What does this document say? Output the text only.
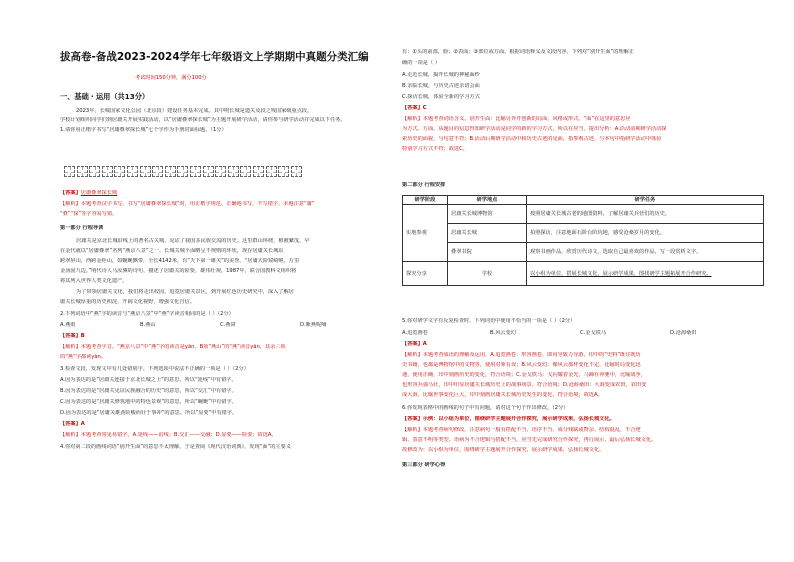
拔高卷-备战2023-2024学年七年级语文上学期期中真题分类汇编
考试时间150分钟，满分100分
一、基础・运用（共13分）
2023年，长城国家文化公园（北京段）建设任务基本完成。其中明长城是遗关及段之残国家级重点段。
学校计划组织同学们到居庸关开展实践活动，以“居庸叠翠探长城”为主题开展研学活动，请你参与研学活动并完成以下任务。
1.请你用正楷字书写“居庸叠翠探长城”七个字作为手册封面标题。（1分）
【答案】居庸叠翠探长城
【解析】本题考查汉字书写。书写“居庸叠翠探长城”时，用正楷字规范、正确地书写，不写错字。本题注意“庸”
“叠”“探”等字容易写错。
第一部分 行程导读
居庸关是京北长城沿线上的著名古关城，见证了我国多民族交流的历史。这里群山环绕，植被繁茂，早
在金代就以“居庸叠翠”名列“燕京八景”之一。长城关城平面略呈不规则的环状，现存居庸关长城东
跨翠屏山，西跨金柜山，如蜿蜒飘带，全长4142米，有“天下第一雄关”的美誉。“居庸天险窥崎岖，万里
金汤固九边。”明代诗人马汝骥的诗句，描述了居庸关的险要，雄伟壮观。1987年，联合国教科文组织将
将其列入世界人类文化遗产。
为了带领居庸关文化，我们将走出校园，追览居庸关景区，到开展红色历史研究中，深入了解居
庸关长城厚重的历史积淀，开阔文化视野，增强文化自信。
2.下列词语中“燕”字的读音与“燕京八景”中“燕”字读音相同的是（ ）（2分）
A.燕雨	B.燕山	C.燕窝	D.紫燕呢喃
【答案】B
【解析】本题考查字音。“燕京八景”中“燕”字的读音是yān，B项“燕山”的“燕”读音yān，其余三项
的“燕”字都读yàn。
3.检查文段，发现文中有几处错别字。下列选项中说法不正确的一项是（ ）（2分）
A.因为表达的是“居庸关连接于京北长城之上”的意思，所以“延线”中有错字。
B.因为表达的是“居庸关见证民族融合的历史”的意思，所以“交汇”中有错字。
C.因为表达的是“居庸关修筑地中的特色景观”的意思，所以“蜿蜒”中有错字。
D.因为表达的是“居庸关雄劲险峻而壮于事冲”的意思，所以“显要”中有错字。
【答案】A
【解析】本题考查常见易错字。A.延线——沿线；B.交汇——交融；D.显要——险要；故选A。
4.你对第二段的画线词语“别开生面”的意思不太理解，于是查阅《现代汉语词典》，发现“面”的主要义
有：①头的前部，脸；②表面；③部位或方面。根据词语释义及文段内容，下列对“别开生面”的理解正
确的一项是（ ）
A.走近长城，揭开长城的神秘面纱
B.亲临长城，与历史古迹亲切会面
C.探访长城，体验全新的学习方式
【答案】C
【解析】本题考查词语含义。别开生面：比喻另外开创新的局面、风格或形式。“面”在这里的意思应
为方式、方面。从题目的信息得知研学活动是同学的新的学习方式，所以在应当。提出分析：A.活动前期研学活动探
索历史的面貌，与句意不符；B.活动后期研学活动中和历史古迹的见面，指参观古迹，与本句中指研学活动中体验
特别学习方式不符；故选C。
第二部分 行程安排
研学阶段	研学地点	研学任务
实地参观	居庸关长城博物馆	按照居庸关长城古老的地图资料，了解居庸关兵营们的历史。
	居庸关长城	拍照探访，注意地面石阶台阶坑地，感受沧桑岁月的变化。
	叠翠书院	观察书画作品，欣赏历代诗文，选取自己最喜欢的作品，写一段赏析文字。
探究分享	学校	以小组为单位，搭展长城文化，展示研学成果，图找研学主题拓展开合作研究。
5.你对研学文字有反复检查时，下列词语中使用不恰当的一项是（ ）（2分）
A.追览画卷	B.风云变幻	C.金戈铁马	D.沧海桑田
【答案】A
【解析】本题考查成语的理解及运用。A.追览画卷：形容画卷，即用导致力导游。印中的“史料”既往既历
史书籍，也都是博物馆中的文物等，使用对象有误；B.风云变幻：像风云那样变化不定，比喻时局变化迅
速，使用正确，印中刻画历史的变化，符合语境；C.金戈铁马：戈闪耀着金光，马蹄在奔驰中，比喻战争，
也形容兵强马壮，印中印显居庸关长城历史上的战事场景，符合语境；D.沧海桑田：大海变成农田，农田变
成大海，比喻世事变化巨大，印中刻画居庸关长城历史发生的变化，符合语境；故选A。
6.你发现表格中的画线的句子中有问题，请对这个句子作出修改。（2分）
【答案】示例：以小组为单位，围绕研学主题展开合作探究，展示研学成果，弘扬长城文化。
【解析】本题考查病句修改。注意病句一般有搭配不当、语序不当、成分残缺或赘余、结构混乱、不合逻
辑、表意不明等类型。语病为不合逻辑与搭配不当，应当先完成研究合作探究，再行展示，最后弘扬长城文化。
故修改为：以小组为单位，围绕研学主题展开合作探究，展示研学成果，弘扬长城文化。
第三部分 研学心得
